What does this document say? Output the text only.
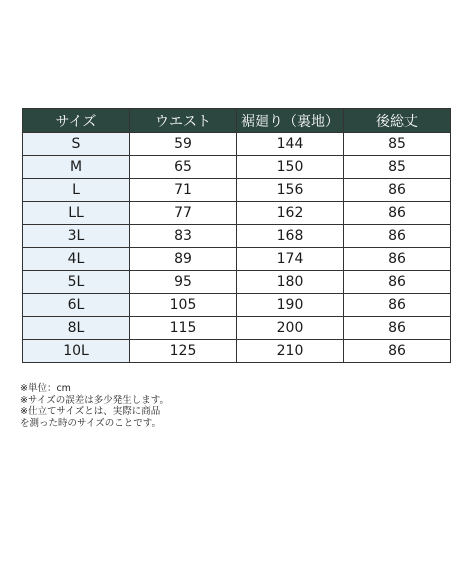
サイズ	ウエスト	裾廻り（裏地）	後総丈
S	59	144	85
M	65	150	85
L	71	156	86
LL	77	162	86
3L	83	168	86
4L	89	174	86
5L	95	180	86
6L	105	190	86
8L	115	200	86
10L	125	210	86
※単位：cm
※サイズの誤差は多少発生します。
※仕立てサイズとは、実際に商品
を測った時のサイズのことです。
